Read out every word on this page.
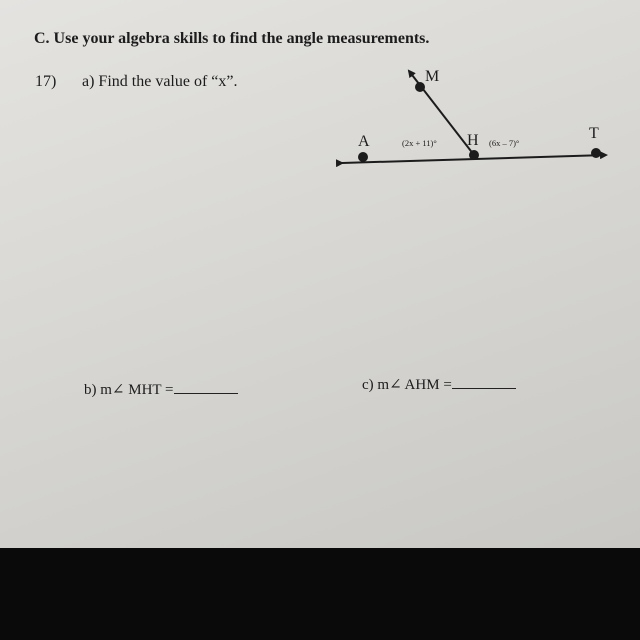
C. Use your algebra skills to find the angle measurements.
17) a) Find the value of “x”.
b) m∠ MHT =	c) m∠ AHM =
A	H	T
M
(2x + 11)°	(6x – 7)°
